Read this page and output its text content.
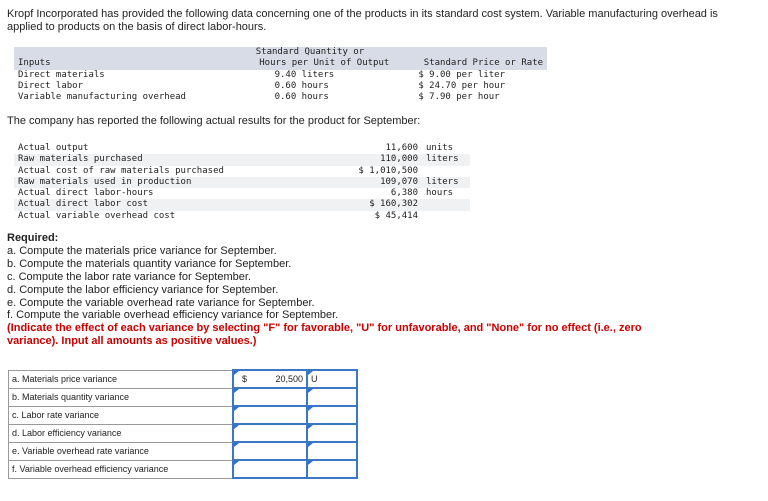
Kropf Incorporated has provided the following data concerning one of the products in its standard cost system. Variable manufacturing overhead is applied to products on the basis of direct labor-hours.
	Standard Quantity or	
Inputs	Hours per Unit of Output	Standard Price or Rate
Direct materials	9.40 liters	$ 9.00 per liter
Direct labor	0.60 hours	$ 24.70 per hour
Variable manufacturing overhead	0.60 hours	$ 7.90 per hour
The company has reported the following actual results for the product for September:
Actual output	11,600	units
Raw materials purchased	110,000	liters
Actual cost of raw materials purchased	$ 1,010,500	
Raw materials used in production	109,070	liters
Actual direct labor-hours	6,380	hours
Actual direct labor cost	$ 160,302	
Actual variable overhead cost	$ 45,414	
Required:
a. Compute the materials price variance for September.
b. Compute the materials quantity variance for September.
c. Compute the labor rate variance for September.
d. Compute the labor efficiency variance for September.
e. Compute the variable overhead rate variance for September.
f. Compute the variable overhead efficiency variance for September.
(Indicate the effect of each variance by selecting "F" for favorable, "U" for unfavorable, and "None" for no effect (i.e., zero variance). Input all amounts as positive values.)
a. Materials price variance	$ 20,500	U

b. Materials quantity variance	

c. Labor rate variance	

d. Labor efficiency variance	

e. Variable overhead rate variance	

f. Variable overhead efficiency variance	
